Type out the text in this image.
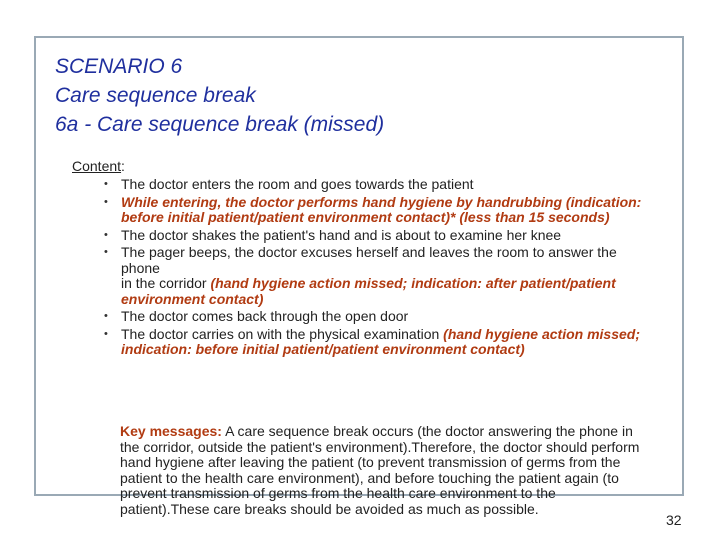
SCENARIO 6
Care sequence break
6a - Care sequence break (missed)
Content:
• The doctor enters the room and goes towards the patient
• While entering, the doctor performs hand hygiene by handrubbing (indication: before initial patient/patient environment contact)* (less than 15 seconds)
• The doctor shakes the patient's hand and is about to examine her knee
• The pager beeps, the doctor excuses herself and leaves the room to answer the phone
in the corridor (hand hygiene action missed; indication: after patient/patient environment contact)
• The doctor comes back through the open door
• The doctor carries on with the physical examination (hand hygiene action missed; indication: before initial patient/patient environment contact)
Key messages: A care sequence break occurs (the doctor answering the phone in the corridor, outside the patient's environment).Therefore, the doctor should perform hand hygiene after leaving the patient (to prevent transmission of germs from the patient to the health care environment), and before touching the patient again (to prevent transmission of germs from the health care environment to the patient).These care breaks should be avoided as much as possible.
32
